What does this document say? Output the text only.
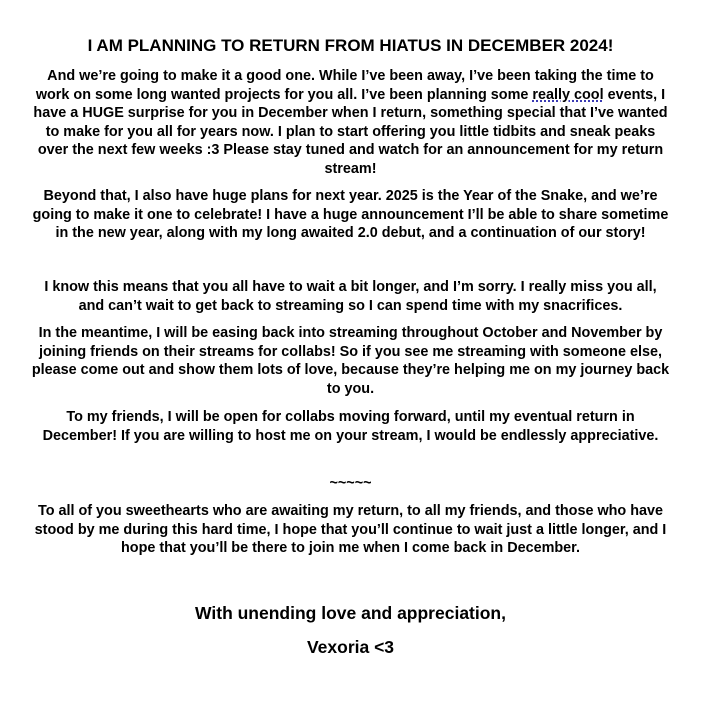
I AM PLANNING TO RETURN FROM HIATUS IN DECEMBER 2024!
And we’re going to make it a good one. While I’ve been away, I’ve been taking the time to work on some long wanted projects for you all. I’ve been planning some really cool events, I have a HUGE surprise for you in December when I return, something special that I’ve wanted to make for you all for years now. I plan to start offering you little tidbits and sneak peaks over the next few weeks :3 Please stay tuned and watch for an announcement for my return stream!
Beyond that, I also have huge plans for next year. 2025 is the Year of the Snake, and we’re going to make it one to celebrate! I have a huge announcement I’ll be able to share sometime in the new year, along with my long awaited 2.0 debut, and a continuation of our story!
I know this means that you all have to wait a bit longer, and I’m sorry. I really miss you all, and can’t wait to get back to streaming so I can spend time with my snacrifices.
In the meantime, I will be easing back into streaming throughout October and November by joining friends on their streams for collabs! So if you see me streaming with someone else, please come out and show them lots of love, because they’re helping me on my journey back to you.
To my friends, I will be open for collabs moving forward, until my eventual return in December! If you are willing to host me on your stream, I would be endlessly appreciative.
~~~~~
To all of you sweethearts who are awaiting my return, to all my friends, and those who have stood by me during this hard time, I hope that you’ll continue to wait just a little longer, and I hope that you’ll be there to join me when I come back in December.
With unending love and appreciation,
Vexoria <3
